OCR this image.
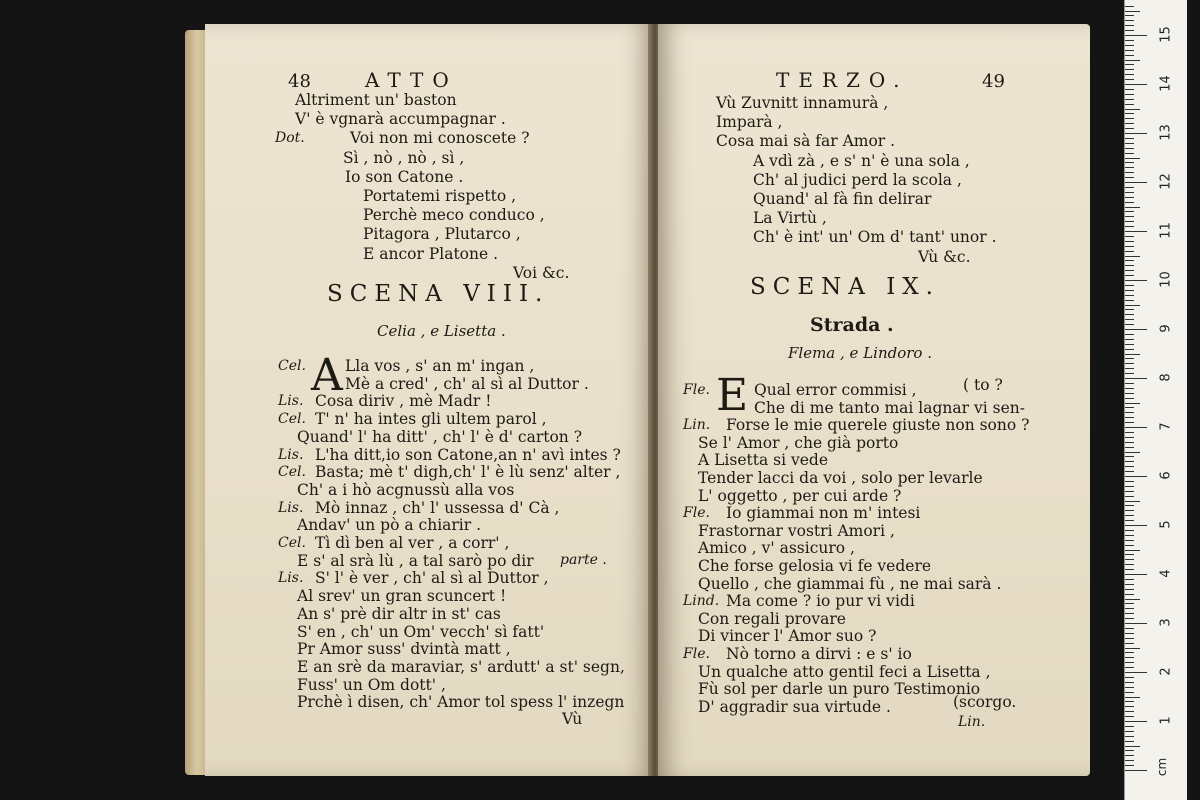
48	ATTO
Altriment un' baston
V' è vgnarà accumpagnar .
Dot.	Voi non mi conoscete ?
Sì , nò , nò , sì ,
Io son Catone .
Portatemi rispetto ,
Perchè meco conduco ,
Pitagora , Plutarco ,
E ancor Platone .
Voi &c.
SCENA VIII.
Celia , e Lisetta .
A
Cel.	Lla vos , s' an m' ingan ,
Mè a cred' , ch' al sì al Duttor .
Lis. Cosa diriv , mè Madr !
Cel. T' n' ha intes gli ultem parol ,
Quand' l' ha ditt' , ch' l' è d' carton ?
Lis. L'ha ditt,io son Catone,an n' avì intes ?
Cel. Basta; mè t' digh,ch' l' è lù senz' alter ,
Ch' a i hò acgnussù alla vos
Lis. Mò innaz , ch' l' ussessa d' Cà ,
Andav' un pò a chiarir .
Cel. Tì dì ben al ver , a corr' ,
E s' al srà lù , a tal sarò po dir
Lis. S' l' è ver , ch' al sì al Duttor ,
Al srev' un gran scuncert !
An s' prè dir altr in st' cas
S' en , ch' un Om' vecch' sì fatt'
Pr Amor suss' dvintà matt ,
E an srè da maraviar, s' ardutt' a st' segn,
Fuss' un Om dott' ,
Prchè ì disen, ch' Amor tol spess l' inzegn
parte .
Vù
TERZO.	49
Vù Zuvnitt innamurà ,
Imparà ,
Cosa mai sà far Amor .
A vdì zà , e s' n' è una sola ,
Ch' al judici perd la scola ,
Quand' al fà fin delirar
La Virtù ,
Ch' è int' un' Om d' tant' unor .
Vù &c.
SCENA IX.
Strada .
Flema , e Lindoro .
E
Fle.	Qual error commisi ,
Che di me tanto mai lagnar vi sen-
Lin. Forse le mie querele giuste non sono ?
Se l' Amor , che già porto
A Lisetta si vede
Tender lacci da voi , solo per levarle
L' oggetto , per cui arde ?
Fle. Io giammai non m' intesi
Frastornar vostri Amori ,
Amico , v' assicuro ,
Che forse gelosia vi fe vedere
Quello , che giammai fù , ne mai sarà .
Lind. Ma come ? io pur vi vidi
Con regali provare
Di vincer l' Amor suo ?
Fle. Nò torno a dirvi : e s' io
Un qualche atto gentil feci a Lisetta ,
Fù sol per darle un puro Testimonio
D' aggradir sua virtude .
( to ?
(scorgo.
Lin.	1
2
3
4
5
6
7
8
9
10
11
12
13
14
15
cm
